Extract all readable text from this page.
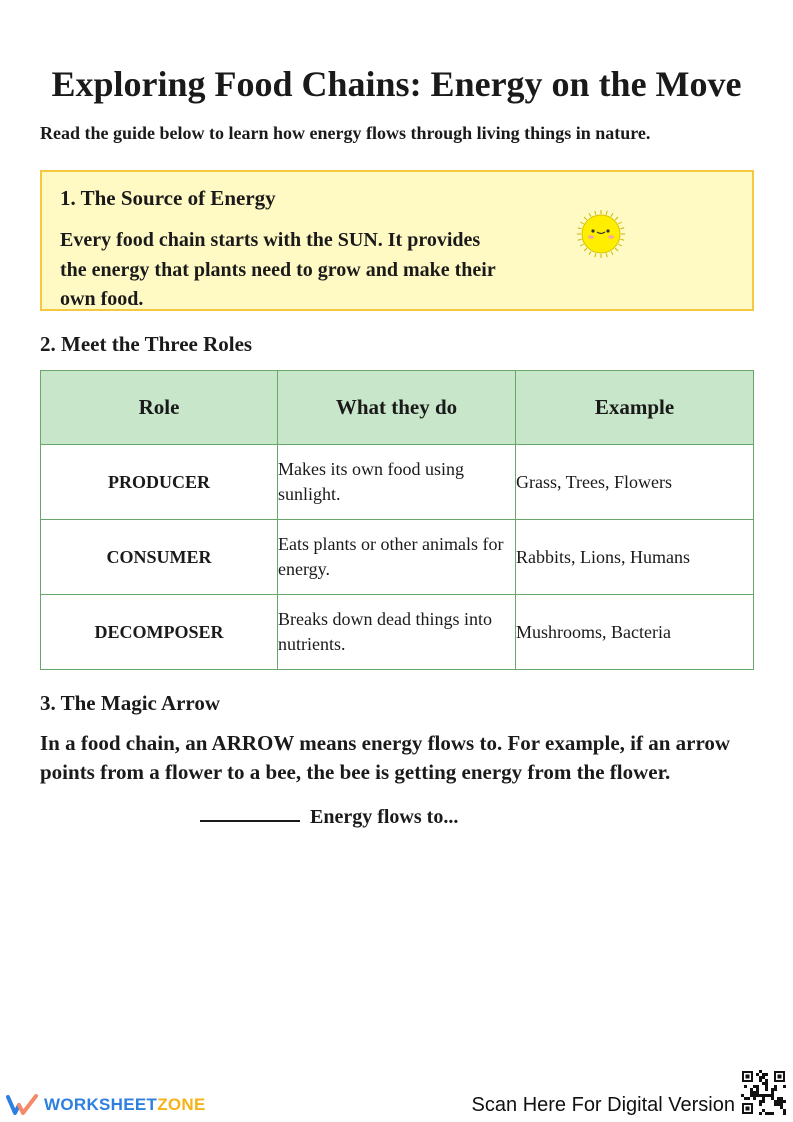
Exploring Food Chains: Energy on the Move

Read the guide below to learn how energy flows through living things in nature.

1. The Source of Energy

Every food chain starts with the SUN. It provides the energy that plants need to grow and make their own food.

2. Meet the Three Roles
Role	What they do	Example
PRODUCER	Makes its own food using sunlight.	Grass, Trees, Flowers
CONSUMER	Eats plants or other animals for energy.	Rabbits, Lions, Humans
DECOMPOSER	Breaks down dead things into nutrients.	Mushrooms, Bacteria
3. The Magic Arrow

In a food chain, an ARROW means energy flows to. For example, if an arrow points from a flower to a bee, the bee is getting energy from the flower.

Energy flows to...
WORKSHEETZONE	Scan Here For Digital Version
